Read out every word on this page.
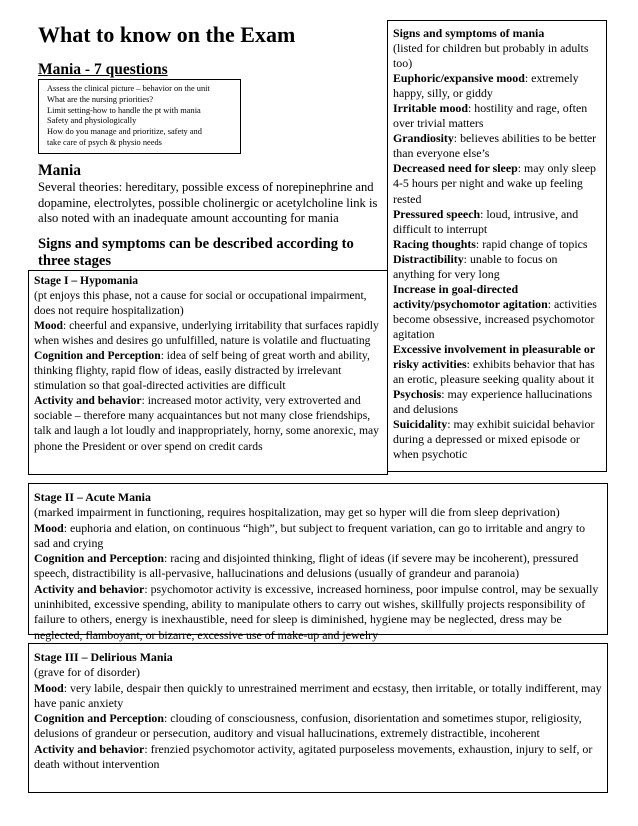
What to know on the Exam
Mania - 7 questions
Assess the clinical picture – behavior on the unit
What are the nursing priorities?
Limit setting-how to handle the pt with mania
Safety and physiologically
How do you manage and prioritize, safety and
take care of psych & physio needs
Mania
Several theories: hereditary, possible excess of norepinephrine and dopamine, electrolytes, possible cholinergic or acetylcholine link is also noted with an inadequate amount accounting for mania
Signs and symptoms can be described according to three stages

Stage I – Hypomania

(pt enjoys this phase, not a cause for social or occupational impairment, does not require hospitalization)

Mood: cheerful and expansive, underlying irritability that surfaces rapidly when wishes and desires go unfulfilled, nature is volatile and fluctuating

Cognition and Perception: idea of self being of great worth and ability, thinking flighty, rapid flow of ideas, easily distracted by irrelevant stimulation so that goal-directed activities are difficult

Activity and behavior: increased motor activity, very extroverted and sociable – therefore many acquaintances but not many close friendships, talk and laugh a lot loudly and inappropriately, horny, some anorexic, may phone the President or over spend on credit cards

Signs and symptoms of mania

(listed for children but probably in adults too)

Euphoric/expansive mood: extremely happy, silly, or giddy

Irritable mood: hostility and rage, often over trivial matters

Grandiosity: believes abilities to be better than everyone else’s

Decreased need for sleep: may only sleep 4-5 hours per night and wake up feeling rested

Pressured speech: loud, intrusive, and difficult to interrupt

Racing thoughts: rapid change of topics

Distractibility: unable to focus on anything for very long

Increase in goal-directed activity/psychomotor agitation: activities become obsessive, increased psychomotor agitation

Excessive involvement in pleasurable or risky activities: exhibits behavior that has an erotic, pleasure seeking quality about it

Psychosis: may experience hallucinations and delusions

Suicidality: may exhibit suicidal behavior during a depressed or mixed episode or when psychotic

Stage II – Acute Mania

(marked impairment in functioning, requires hospitalization, may get so hyper will die from sleep deprivation)

Mood: euphoria and elation, on continuous “high”, but subject to frequent variation, can go to irritable and angry to sad and crying

Cognition and Perception: racing and disjointed thinking, flight of ideas (if severe may be incoherent), pressured speech, distractibility is all-pervasive, hallucinations and delusions (usually of grandeur and paranoia)

Activity and behavior: psychomotor activity is excessive, increased horniness, poor impulse control, may be sexually uninhibited, excessive spending, ability to manipulate others to carry out wishes, skillfully projects responsibility of failure to others, energy is inexhaustible, need for sleep is diminished, hygiene may be neglected, dress may be neglected, flamboyant, or bizarre, excessive use of make-up and jewelry

Stage III – Delirious Mania

(grave for of disorder)

Mood: very labile, despair then quickly to unrestrained merriment and ecstasy, then irritable, or totally indifferent, may have panic anxiety

Cognition and Perception: clouding of consciousness, confusion, disorientation and sometimes stupor, religiosity, delusions of grandeur or persecution, auditory and visual hallucinations, extremely distractible, incoherent

Activity and behavior: frenzied psychomotor activity, agitated purposeless movements, exhaustion, injury to self, or death without intervention
